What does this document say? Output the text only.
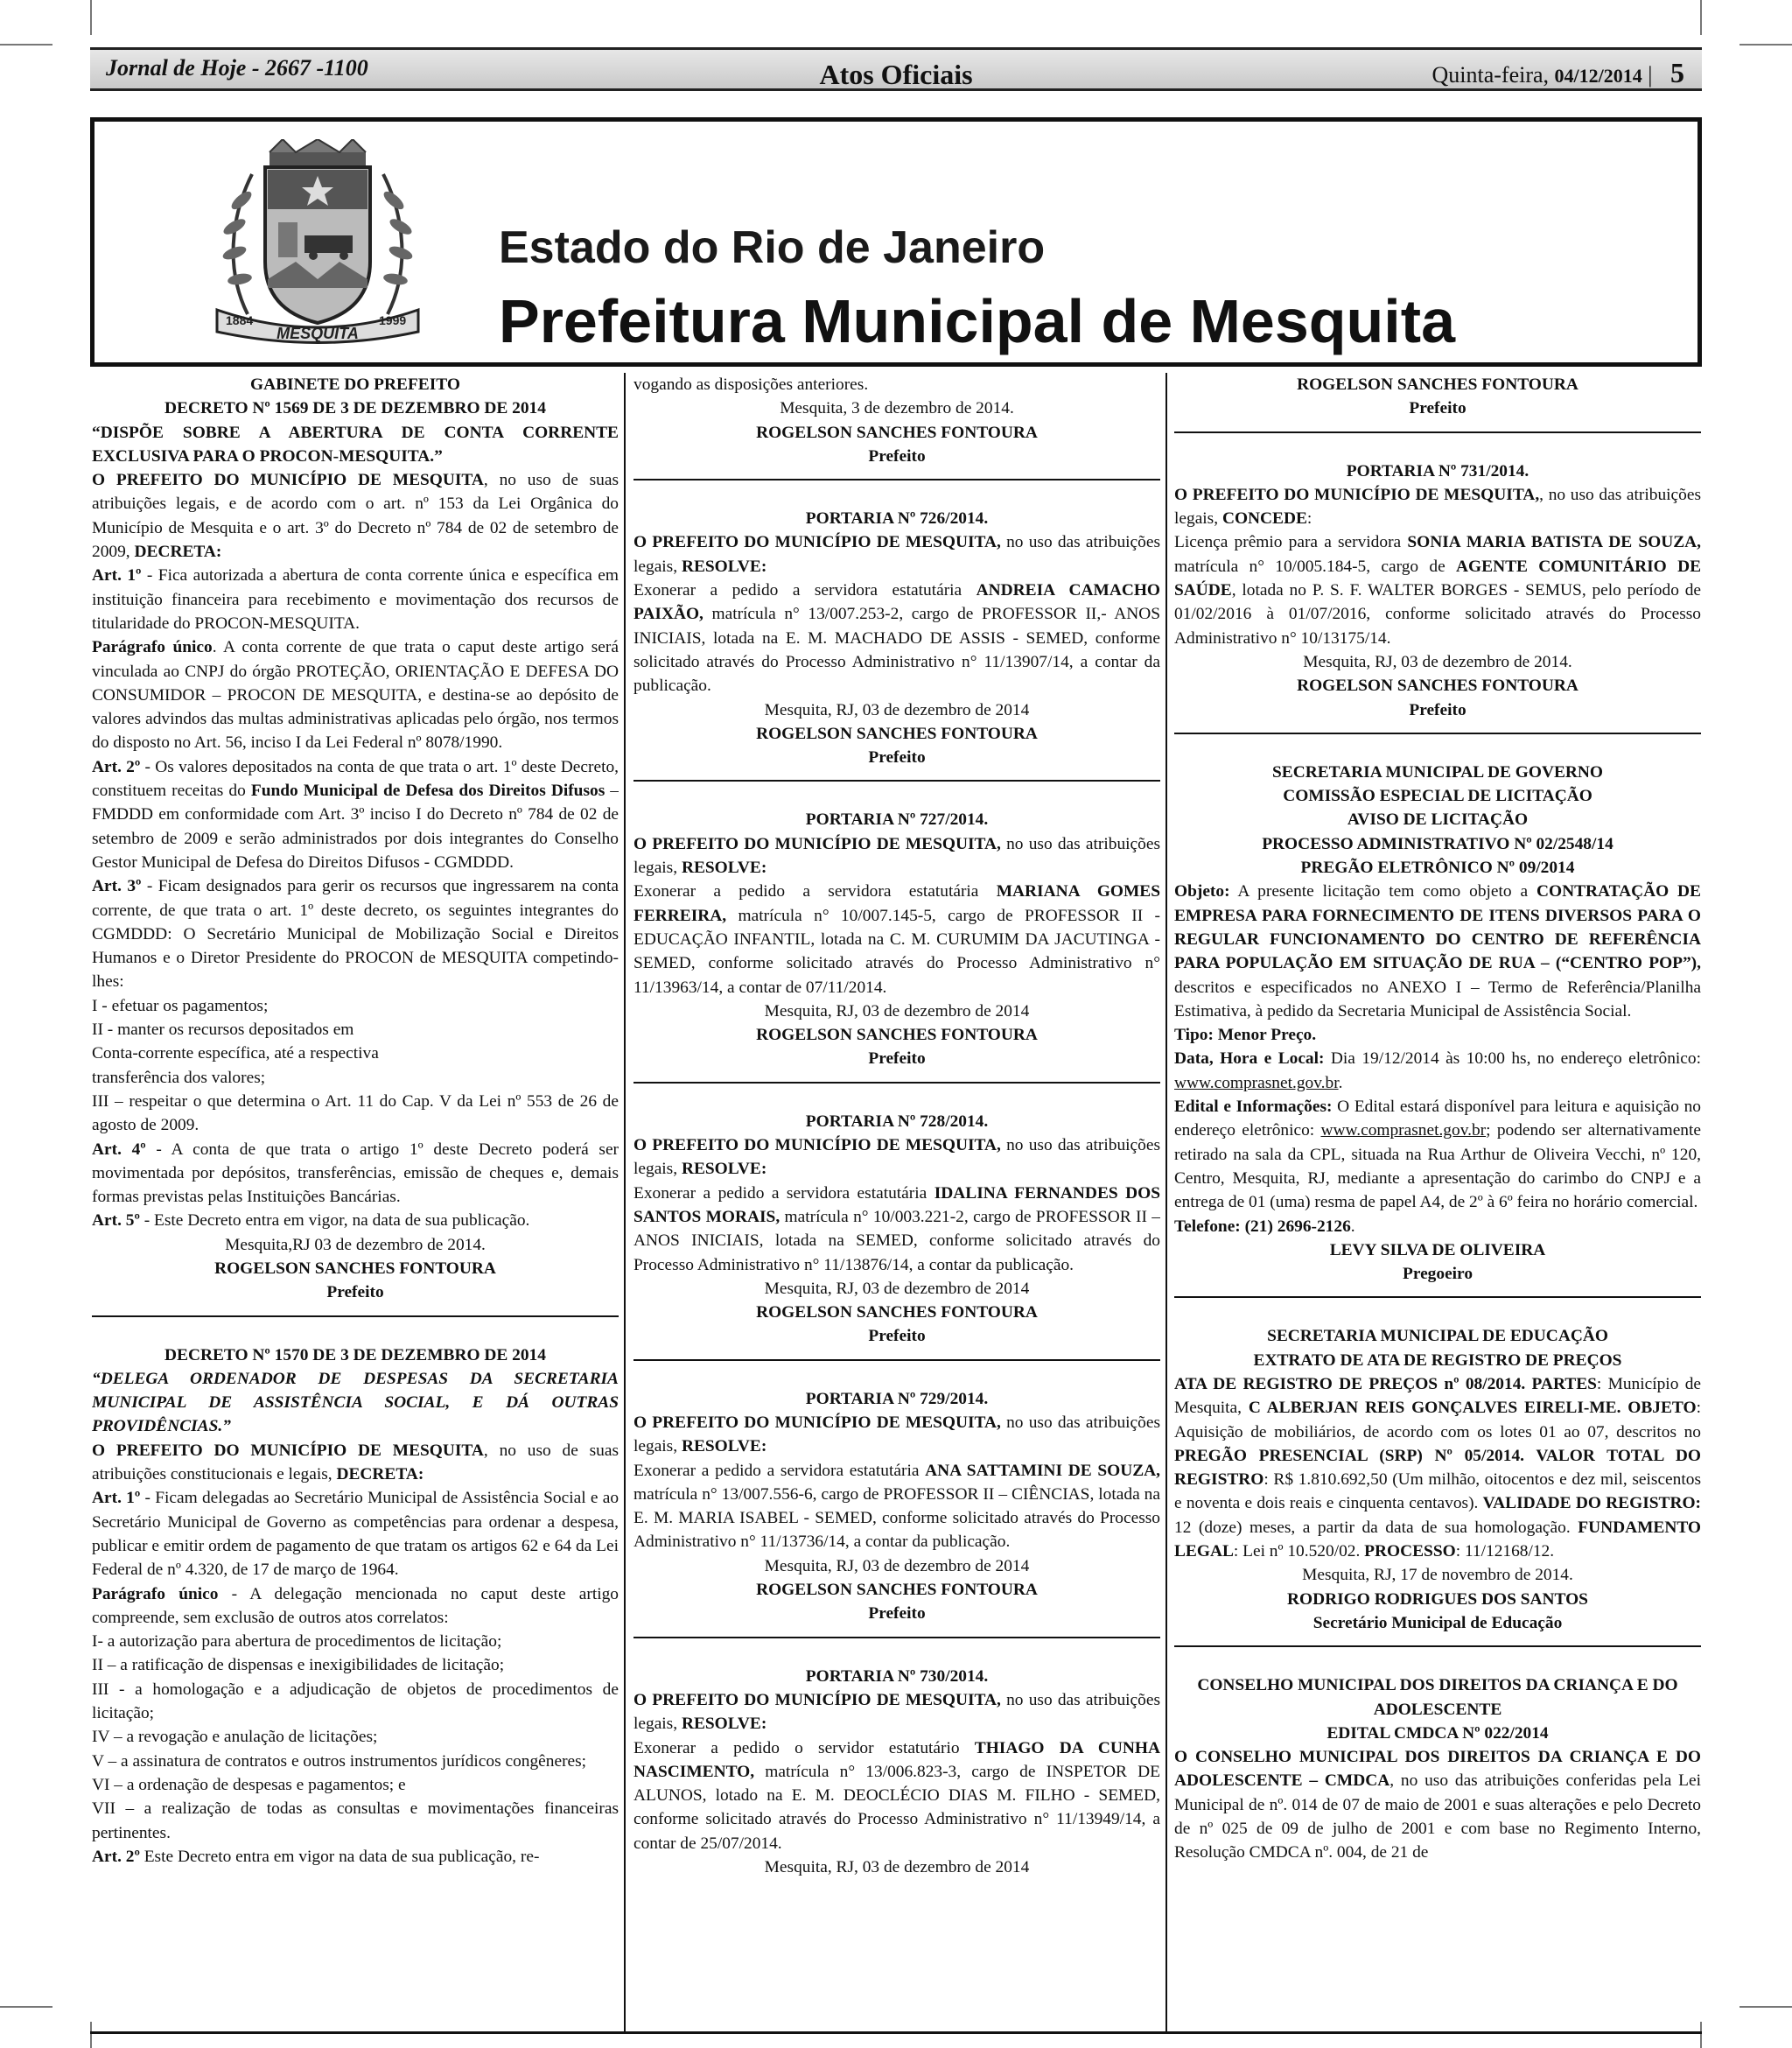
Jornal de Hoje - 2667 -1100	Atos Oficiais	Quinta-feira, 04/12/2014 | 5
1884
MESQUITA
1999
Estado do Rio de Janeiro
Prefeitura Municipal de Mesquita

GABINETE DO PREFEITO

DECRETO Nº 1569 DE 3 DE DEZEMBRO DE 2014

“DISPÕE SOBRE A ABERTURA DE CONTA CORRENTE EXCLUSIVA PARA O PROCON-MESQUITA.”

O PREFEITO DO MUNICÍPIO DE MESQUITA, no uso de suas atribuições legais, e de acordo com o art. nº 153 da Lei Orgânica do Município de Mesquita e o art. 3º do Decreto nº 784 de 02 de setembro de 2009, DECRETA:

Art. 1º - Fica autorizada a abertura de conta corrente única e específica em instituição financeira para recebimento e movimentação dos recursos de titularidade do PROCON-MESQUITA.

Parágrafo único. A conta corrente de que trata o caput deste artigo será vinculada ao CNPJ do órgão PROTEÇÃO, ORIENTAÇÃO E DEFESA DO CONSUMIDOR – PROCON DE MESQUITA, e destina-se ao depósito de valores advindos das multas administrativas aplicadas pelo órgão, nos termos do disposto no Art. 56, inciso I da Lei Federal nº 8078/1990.

Art. 2º - Os valores depositados na conta de que trata o art. 1º deste Decreto, constituem receitas do Fundo Municipal de Defesa dos Direitos Difusos – FMDDD em conformidade com Art. 3º inciso I do Decreto nº 784 de 02 de setembro de 2009 e serão administrados por dois integrantes do Conselho Gestor Municipal de Defesa do Direitos Difusos - CGMDDD.

Art. 3º - Ficam designados para gerir os recursos que ingressarem na conta corrente, de que trata o art. 1º deste decreto, os seguintes integrantes do CGMDDD: O Secretário Municipal de Mobilização Social e Direitos Humanos e o Diretor Presidente do PROCON de MESQUITA competindo-lhes:

I - efetuar os pagamentos;

II - manter os recursos depositados em

Conta-corrente específica, até a respectiva

transferência dos valores;

III – respeitar o que determina o Art. 11 do Cap. V da Lei nº 553 de 26 de agosto de 2009.

Art. 4º - A conta de que trata o artigo 1º deste Decreto poderá ser movimentada por depósitos, transferências, emissão de cheques e, demais formas previstas pelas Instituições Bancárias.

Art. 5º - Este Decreto entra em vigor, na data de sua publicação.

Mesquita,RJ 03 de dezembro de 2014.

ROGELSON SANCHES FONTOURA

Prefeito

DECRETO Nº 1570 DE 3 DE DEZEMBRO DE 2014

“DELEGA ORDENADOR DE DESPESAS DA SECRETARIA MUNICIPAL DE ASSISTÊNCIA SOCIAL, E DÁ OUTRAS PROVIDÊNCIAS.”

O PREFEITO DO MUNICÍPIO DE MESQUITA, no uso de suas atribuições constitucionais e legais, DECRETA:

Art. 1º - Ficam delegadas ao Secretário Municipal de Assistência Social e ao Secretário Municipal de Governo as competências para ordenar a despesa, publicar e emitir ordem de pagamento de que tratam os artigos 62 e 64 da Lei Federal de nº 4.320, de 17 de março de 1964.

Parágrafo único - A delegação mencionada no caput deste artigo compreende, sem exclusão de outros atos correlatos:

I- a autorização para abertura de procedimentos de licitação;

II – a ratificação de dispensas e inexigibilidades de licitação;

III - a homologação e a adjudicação de objetos de procedimentos de licitação;

IV – a revogação e anulação de licitações;

V – a assinatura de contratos e outros instrumentos jurídicos congêneres;

VI – a ordenação de despesas e pagamentos; e

VII – a realização de todas as consultas e movimentações financeiras pertinentes.

Art. 2º Este Decreto entra em vigor na data de sua publicação, re-

vogando as disposições anteriores.

Mesquita, 3 de dezembro de 2014.

ROGELSON SANCHES FONTOURA

Prefeito

PORTARIA Nº 726/2014.

O PREFEITO DO MUNICÍPIO DE MESQUITA, no uso das atribuições legais, RESOLVE:

Exonerar a pedido a servidora estatutária ANDREIA CAMACHO PAIXÃO, matrícula n° 13/007.253-2, cargo de PROFESSOR II,- ANOS INICIAIS, lotada na E. M. MACHADO DE ASSIS - SEMED, conforme solicitado através do Processo Administrativo n° 11/13907/14, a contar da publicação.

Mesquita, RJ, 03 de dezembro de 2014

ROGELSON SANCHES FONTOURA

Prefeito

PORTARIA Nº 727/2014.

O PREFEITO DO MUNICÍPIO DE MESQUITA, no uso das atribuições legais, RESOLVE:

Exonerar a pedido a servidora estatutária MARIANA GOMES FERREIRA, matrícula n° 10/007.145-5, cargo de PROFESSOR II - EDUCAÇÃO INFANTIL, lotada na C. M. CURUMIM DA JACUTINGA - SEMED, conforme solicitado através do Processo Administrativo n° 11/13963/14, a contar de 07/11/2014.

Mesquita, RJ, 03 de dezembro de 2014

ROGELSON SANCHES FONTOURA

Prefeito

PORTARIA Nº 728/2014.

O PREFEITO DO MUNICÍPIO DE MESQUITA, no uso das atribuições legais, RESOLVE:

Exonerar a pedido a servidora estatutária IDALINA FERNANDES DOS SANTOS MORAIS, matrícula n° 10/003.221-2, cargo de PROFESSOR II – ANOS INICIAIS, lotada na SEMED, conforme solicitado através do Processo Administrativo n° 11/13876/14, a contar da publicação.

Mesquita, RJ, 03 de dezembro de 2014

ROGELSON SANCHES FONTOURA

Prefeito

PORTARIA Nº 729/2014.

O PREFEITO DO MUNICÍPIO DE MESQUITA, no uso das atribuições legais, RESOLVE:

Exonerar a pedido a servidora estatutária ANA SATTAMINI DE SOUZA, matrícula n° 13/007.556-6, cargo de PROFESSOR II – CIÊNCIAS, lotada na E. M. MARIA ISABEL - SEMED, conforme solicitado através do Processo Administrativo n° 11/13736/14, a contar da publicação.

Mesquita, RJ, 03 de dezembro de 2014

ROGELSON SANCHES FONTOURA

Prefeito

PORTARIA Nº 730/2014.

O PREFEITO DO MUNICÍPIO DE MESQUITA, no uso das atribuições legais, RESOLVE:

Exonerar a pedido o servidor estatutário THIAGO DA CUNHA NASCIMENTO, matrícula n° 13/006.823-3, cargo de INSPETOR DE ALUNOS, lotado na E. M. DEOCLÉCIO DIAS M. FILHO - SEMED, conforme solicitado através do Processo Administrativo n° 11/13949/14, a contar de 25/07/2014.

Mesquita, RJ, 03 de dezembro de 2014

ROGELSON SANCHES FONTOURA

Prefeito

PORTARIA Nº 731/2014.

O PREFEITO DO MUNICÍPIO DE MESQUITA,, no uso das atribuições legais, CONCEDE:

Licença prêmio para a servidora SONIA MARIA BATISTA DE SOUZA, matrícula n° 10/005.184-5, cargo de AGENTE COMUNITÁRIO DE SAÚDE, lotada no P. S. F. WALTER BORGES - SEMUS, pelo período de 01/02/2016 à 01/07/2016, conforme solicitado através do Processo Administrativo n° 10/13175/14.

Mesquita, RJ, 03 de dezembro de 2014.

ROGELSON SANCHES FONTOURA

Prefeito

SECRETARIA MUNICIPAL DE GOVERNO

COMISSÃO ESPECIAL DE LICITAÇÃO

AVISO DE LICITAÇÃO

PROCESSO ADMINISTRATIVO Nº 02/2548/14

PREGÃO ELETRÔNICO Nº 09/2014

Objeto: A presente licitação tem como objeto a CONTRATAÇÃO DE EMPRESA PARA FORNECIMENTO DE ITENS DIVERSOS PARA O REGULAR FUNCIONAMENTO DO CENTRO DE REFERÊNCIA PARA POPULAÇÃO EM SITUAÇÃO DE RUA – (“CENTRO POP”), descritos e especificados no ANEXO I – Termo de Referência/Planilha Estimativa, à pedido da Secretaria Municipal de Assistência Social.

Tipo: Menor Preço.

Data, Hora e Local: Dia 19/12/2014 às 10:00 hs, no endereço eletrônico: www.comprasnet.gov.br.

Edital e Informações: O Edital estará disponível para leitura e aquisição no endereço eletrônico: www.comprasnet.gov.br; podendo ser alternativamente retirado na sala da CPL, situada na Rua Arthur de Oliveira Vecchi, nº 120, Centro, Mesquita, RJ, mediante a apresentação do carimbo do CNPJ e a entrega de 01 (uma) resma de papel A4, de 2º à 6º feira no horário comercial.

Telefone: (21) 2696-2126.

LEVY SILVA DE OLIVEIRA

Pregoeiro

SECRETARIA MUNICIPAL DE EDUCAÇÃO

EXTRATO DE ATA DE REGISTRO DE PREÇOS

ATA DE REGISTRO DE PREÇOS nº 08/2014. PARTES: Município de Mesquita, C ALBERJAN REIS GONÇALVES EIRELI-ME. OBJETO: Aquisição de mobiliários, de acordo com os lotes 01 ao 07, descritos no PREGÃO PRESENCIAL (SRP) Nº 05/2014. VALOR TOTAL DO REGISTRO: R$ 1.810.692,50 (Um milhão, oitocentos e dez mil, seiscentos e noventa e dois reais e cinquenta centavos). VALIDADE DO REGISTRO: 12 (doze) meses, a partir da data de sua homologação. FUNDAMENTO LEGAL: Lei nº 10.520/02. PROCESSO: 11/12168/12.

Mesquita, RJ, 17 de novembro de 2014.

RODRIGO RODRIGUES DOS SANTOS

Secretário Municipal de Educação

CONSELHO MUNICIPAL DOS DIREITOS DA CRIANÇA E DO ADOLESCENTE

EDITAL CMDCA Nº 022/2014

O CONSELHO MUNICIPAL DOS DIREITOS DA CRIANÇA E DO ADOLESCENTE – CMDCA, no uso das atribuições conferidas pela Lei Municipal de nº. 014 de 07 de maio de 2001 e suas alterações e pelo Decreto de nº 025 de 09 de julho de 2001 e com base no Regimento Interno, Resolução CMDCA nº. 004, de 21 de
